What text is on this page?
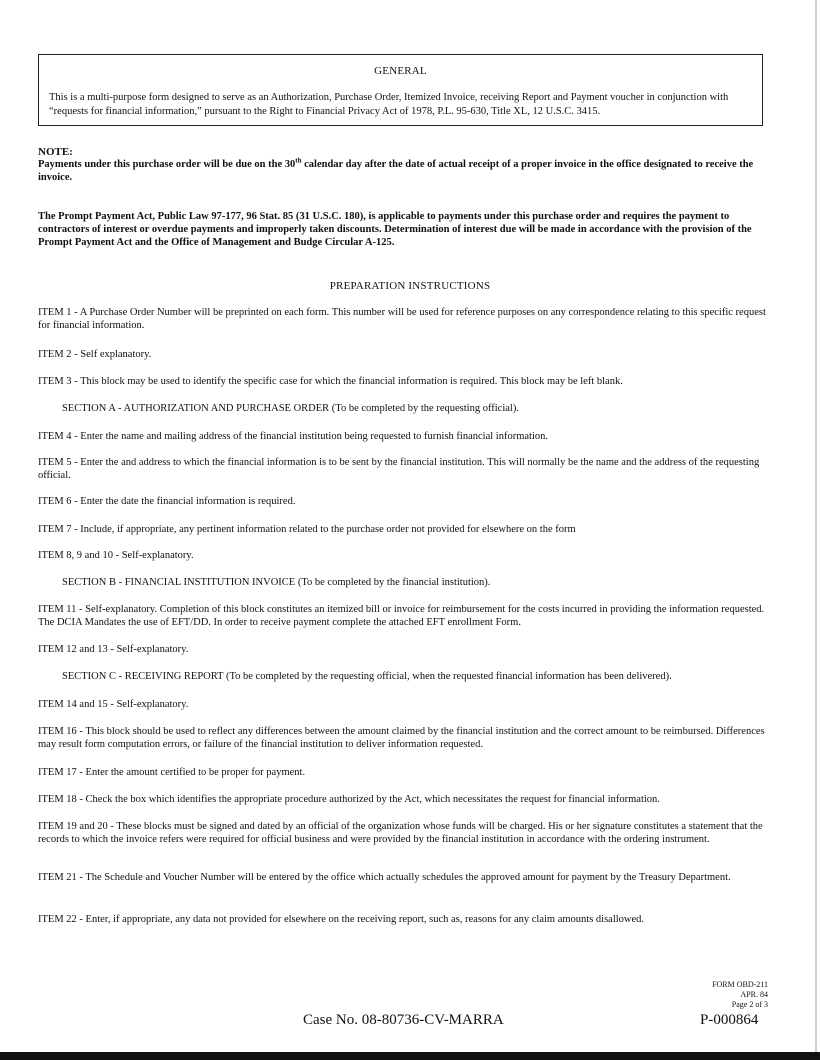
GENERAL
This is a multi-purpose form designed to serve as an Authorization, Purchase Order, Itemized Invoice, receiving Report and Payment voucher in conjunction with “requests for financial information,” pursuant to the Right to Financial Privacy Act of 1978, P.L. 95-630, Title XL, 12 U.S.C. 3415.
NOTE:
Payments under this purchase order will be due on the 30th calendar day after the date of actual receipt of a proper invoice in the office designated to receive the invoice.
The Prompt Payment Act, Public Law 97-177, 96 Stat. 85 (31 U.S.C. 180), is applicable to payments under this purchase order and requires the payment to contractors of interest or overdue payments and improperly taken discounts. Determination of interest due will be made in accordance with the provision of the Prompt Payment Act and the Office of Management and Budge Circular A-125.
PREPARATION INSTRUCTIONS
ITEM 1 - A Purchase Order Number will be preprinted on each form. This number will be used for reference purposes on any correspondence relating to this specific request for financial information.
ITEM 2 - Self explanatory.
ITEM 3 - This block may be used to identify the specific case for which the financial information is required. This block may be left blank.
SECTION A - AUTHORIZATION AND PURCHASE ORDER (To be completed by the requesting official).
ITEM 4 - Enter the name and mailing address of the financial institution being requested to furnish financial information.
ITEM 5 - Enter the and address to which the financial information is to be sent by the financial institution. This will normally be the name and the address of the requesting official.
ITEM 6 - Enter the date the financial information is required.
ITEM 7 - Include, if appropriate, any pertinent information related to the purchase order not provided for elsewhere on the form
ITEM 8, 9 and 10 - Self-explanatory.
SECTION B - FINANCIAL INSTITUTION INVOICE (To be completed by the financial institution).
ITEM 11 - Self-explanatory. Completion of this block constitutes an itemized bill or invoice for reimbursement for the costs incurred in providing the information requested. The DCIA Mandates the use of EFT/DD. In order to receive payment complete the attached EFT enrollment Form.
ITEM 12 and 13 - Self-explanatory.
SECTION C - RECEIVING REPORT (To be completed by the requesting official, when the requested financial information has been delivered).
ITEM 14 and 15 - Self-explanatory.
ITEM 16 - This block should be used to reflect any differences between the amount claimed by the financial institution and the correct amount to be reimbursed. Differences may result form computation errors, or failure of the financial institution to deliver information requested.
ITEM 17 - Enter the amount certified to be proper for payment.
ITEM 18 - Check the box which identifies the appropriate procedure authorized by the Act, which necessitates the request for financial information.
ITEM 19 and 20 - These blocks must be signed and dated by an official of the organization whose funds will be charged. His or her signature constitutes a statement that the records to which the invoice refers were required for official business and were provided by the financial institution in accordance with the ordering instrument.
ITEM 21 - The Schedule and Voucher Number will be entered by the office which actually schedules the approved amount for payment by the Treasury Department.
ITEM 22 - Enter, if appropriate, any data not provided for elsewhere on the receiving report, such as, reasons for any claim amounts disallowed.
FORM OBD-211
APR. 84
Page 2 of 3
Case No. 08-80736-CV-MARRA	P-000864
